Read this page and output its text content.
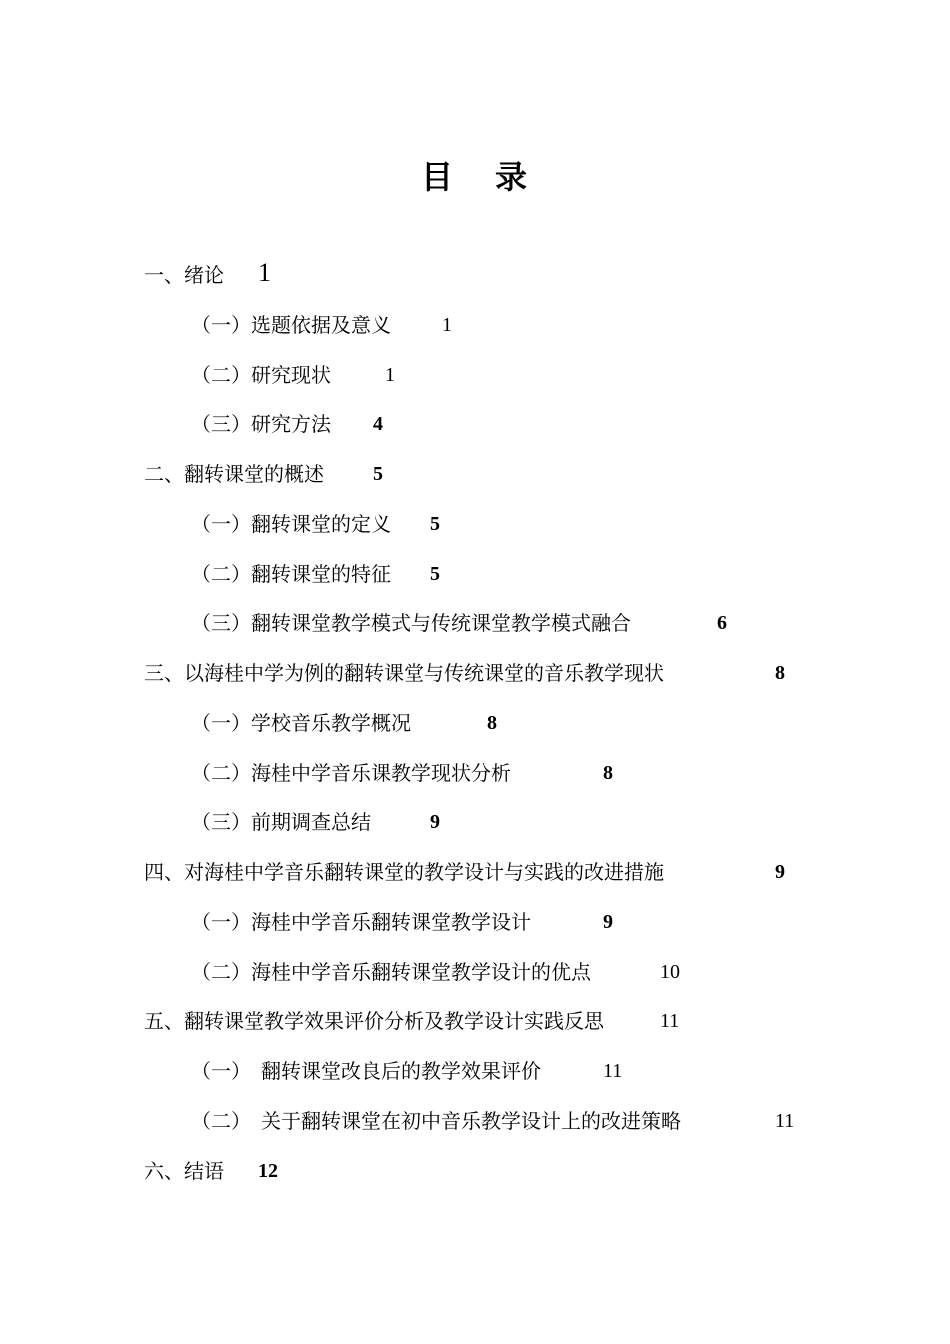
目 录
一、绪论 1
（一）选题依据及意义	1
（二）研究现状	1
（三）研究方法 4
二、翻转课堂的概述 5
（一）翻转课堂的定义 5
（二）翻转课堂的特征 5
（三）翻转课堂教学模式与传统课堂教学模式融合	6
三、以海桂中学为例的翻转课堂与传统课堂的音乐教学现状	8
（一）学校音乐教学概况	8
（二）海桂中学音乐课教学现状分析	8
（三）前期调查总结	9
四、对海桂中学音乐翻转课堂的教学设计与实践的改进措施	9
（一）海桂中学音乐翻转课堂教学设计	9
（二）海桂中学音乐翻转课堂教学设计的优点	10
五、翻转课堂教学效果评价分析及教学设计实践反思	11
（一）　翻转课堂改良后的教学效果评价	11
（二）　关于翻转课堂在初中音乐教学设计上的改进策略	11
六、结语 12
